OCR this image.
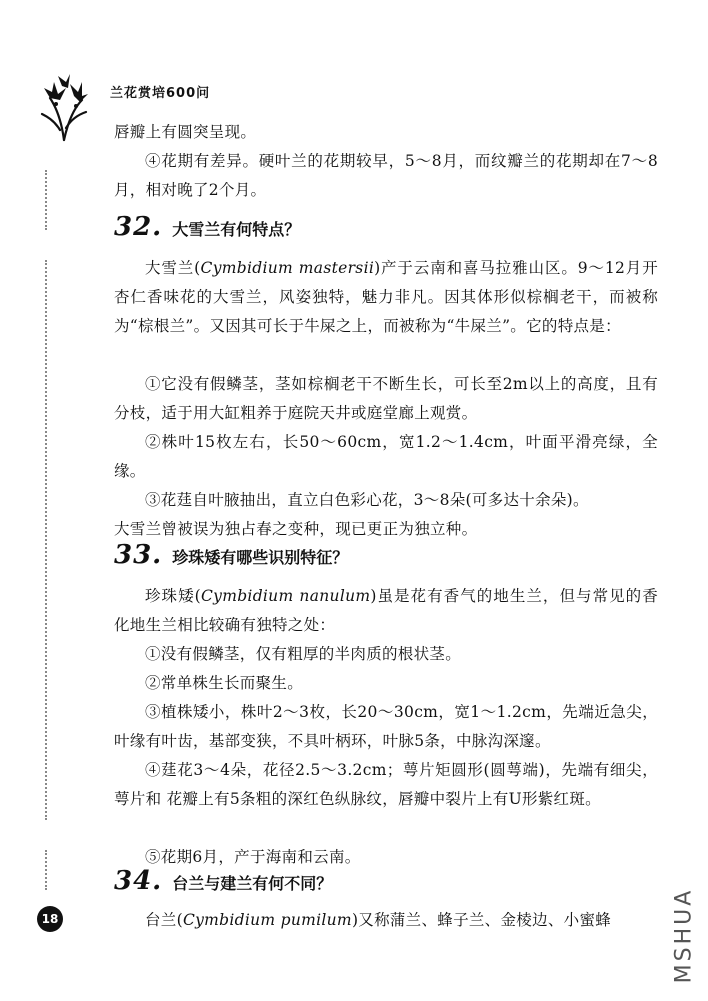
兰花赏培600问

唇瓣上有圆突呈现。

④花期有差异。硬叶兰的花期较早，5～8月，而纹瓣兰的花期却在7～8月，相对晚了2个月。

32. 大雪兰有何特点？

大雪兰(Cymbidium mastersii)产于云南和喜马拉雅山区。9～12月开杏仁香味花的大雪兰，风姿独特，魅力非凡。因其体形似棕榈老干，而被称为“棕根兰”。又因其可长于牛屎之上，而被称为“牛屎兰”。它的特点是：

①它没有假鳞茎，茎如棕榈老干不断生长，可长至2m以上的高度，且有分枝，适于用大缸粗养于庭院天井或庭堂廊上观赏。

②株叶15枚左右，长50～60cm，宽1.2～1.4cm，叶面平滑亮绿，全缘。

③花莛自叶腋抽出，直立白色彩心花，3～8朵(可多达十余朵)。

大雪兰曾被误为独占春之变种，现已更正为独立种。

33. 珍珠矮有哪些识别特征？

珍珠矮(Cymbidium nanulum)虽是花有香气的地生兰，但与常见的香化地生兰相比较确有独特之处：

①没有假鳞茎，仅有粗厚的半肉质的根状茎。

②常单株生长而聚生。

③植株矮小，株叶2～3枚，长20～30cm，宽1～1.2cm，先端近急尖，叶缘有叶齿，基部变狭，不具叶柄环，叶脉5条，中脉沟深邃。

④莛花3～4朵，花径2.5～3.2cm；萼片矩圆形(圆萼端)，先端有细尖，萼片和 花瓣上有5条粗的深红色纵脉纹，唇瓣中裂片上有U形紫红斑。

⑤花期6月，产于海南和云南。

34. 台兰与建兰有何不同？

台兰(Cymbidium pumilum)又称蒲兰、蜂子兰、金棱边、小蜜蜂

18	MSHUA
